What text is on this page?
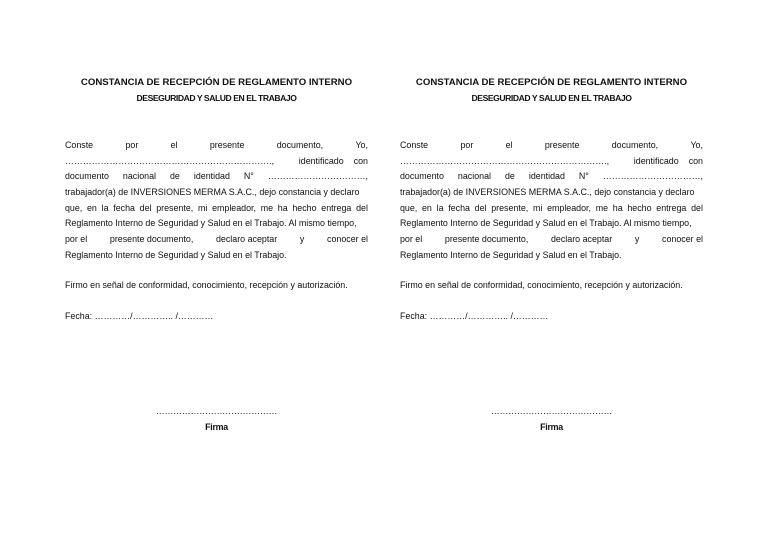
CONSTANCIA DE RECEPCIÓN DE REGLAMENTO INTERNO
DESEGURIDAD Y SALUD EN EL TRABAJO
Conste	por	el	presente	documento,	Yo,
…………………………………………………………….,	identificado con
documento nacional de identidad N° ……………………………,
trabajador(a) de INVERSIONES MERMA S.A.C., dejo constancia y declaro
que, en la fecha del presente, mi empleador, me ha hecho entrega del
Reglamento Interno de Seguridad y Salud en el Trabajo. Al mismo tiempo,
por el	presente documento,	declaro aceptar	y	conocer el
Reglamento Interno de Seguridad y Salud en el Trabajo.
Firmo en señal de conformidad, conocimiento, recepción y autorización.
Fecha: …………/………….. /…………
……………………………………
Firma
CONSTANCIA DE RECEPCIÓN DE REGLAMENTO INTERNO
DESEGURIDAD Y SALUD EN EL TRABAJO
Conste	por	el	presente	documento,	Yo,
…………………………………………………………….,	identificado con
documento nacional de identidad N° ……………………………,
trabajador(a) de INVERSIONES MERMA S.A.C., dejo constancia y declaro
que, en la fecha del presente, mi empleador, me ha hecho entrega del
Reglamento Interno de Seguridad y Salud en el Trabajo. Al mismo tiempo,
por el	presente documento,	declaro aceptar	y	conocer el
Reglamento Interno de Seguridad y Salud en el Trabajo.
Firmo en señal de conformidad, conocimiento, recepción y autorización.
Fecha: …………/………….. /…………
……………………………………
Firma
